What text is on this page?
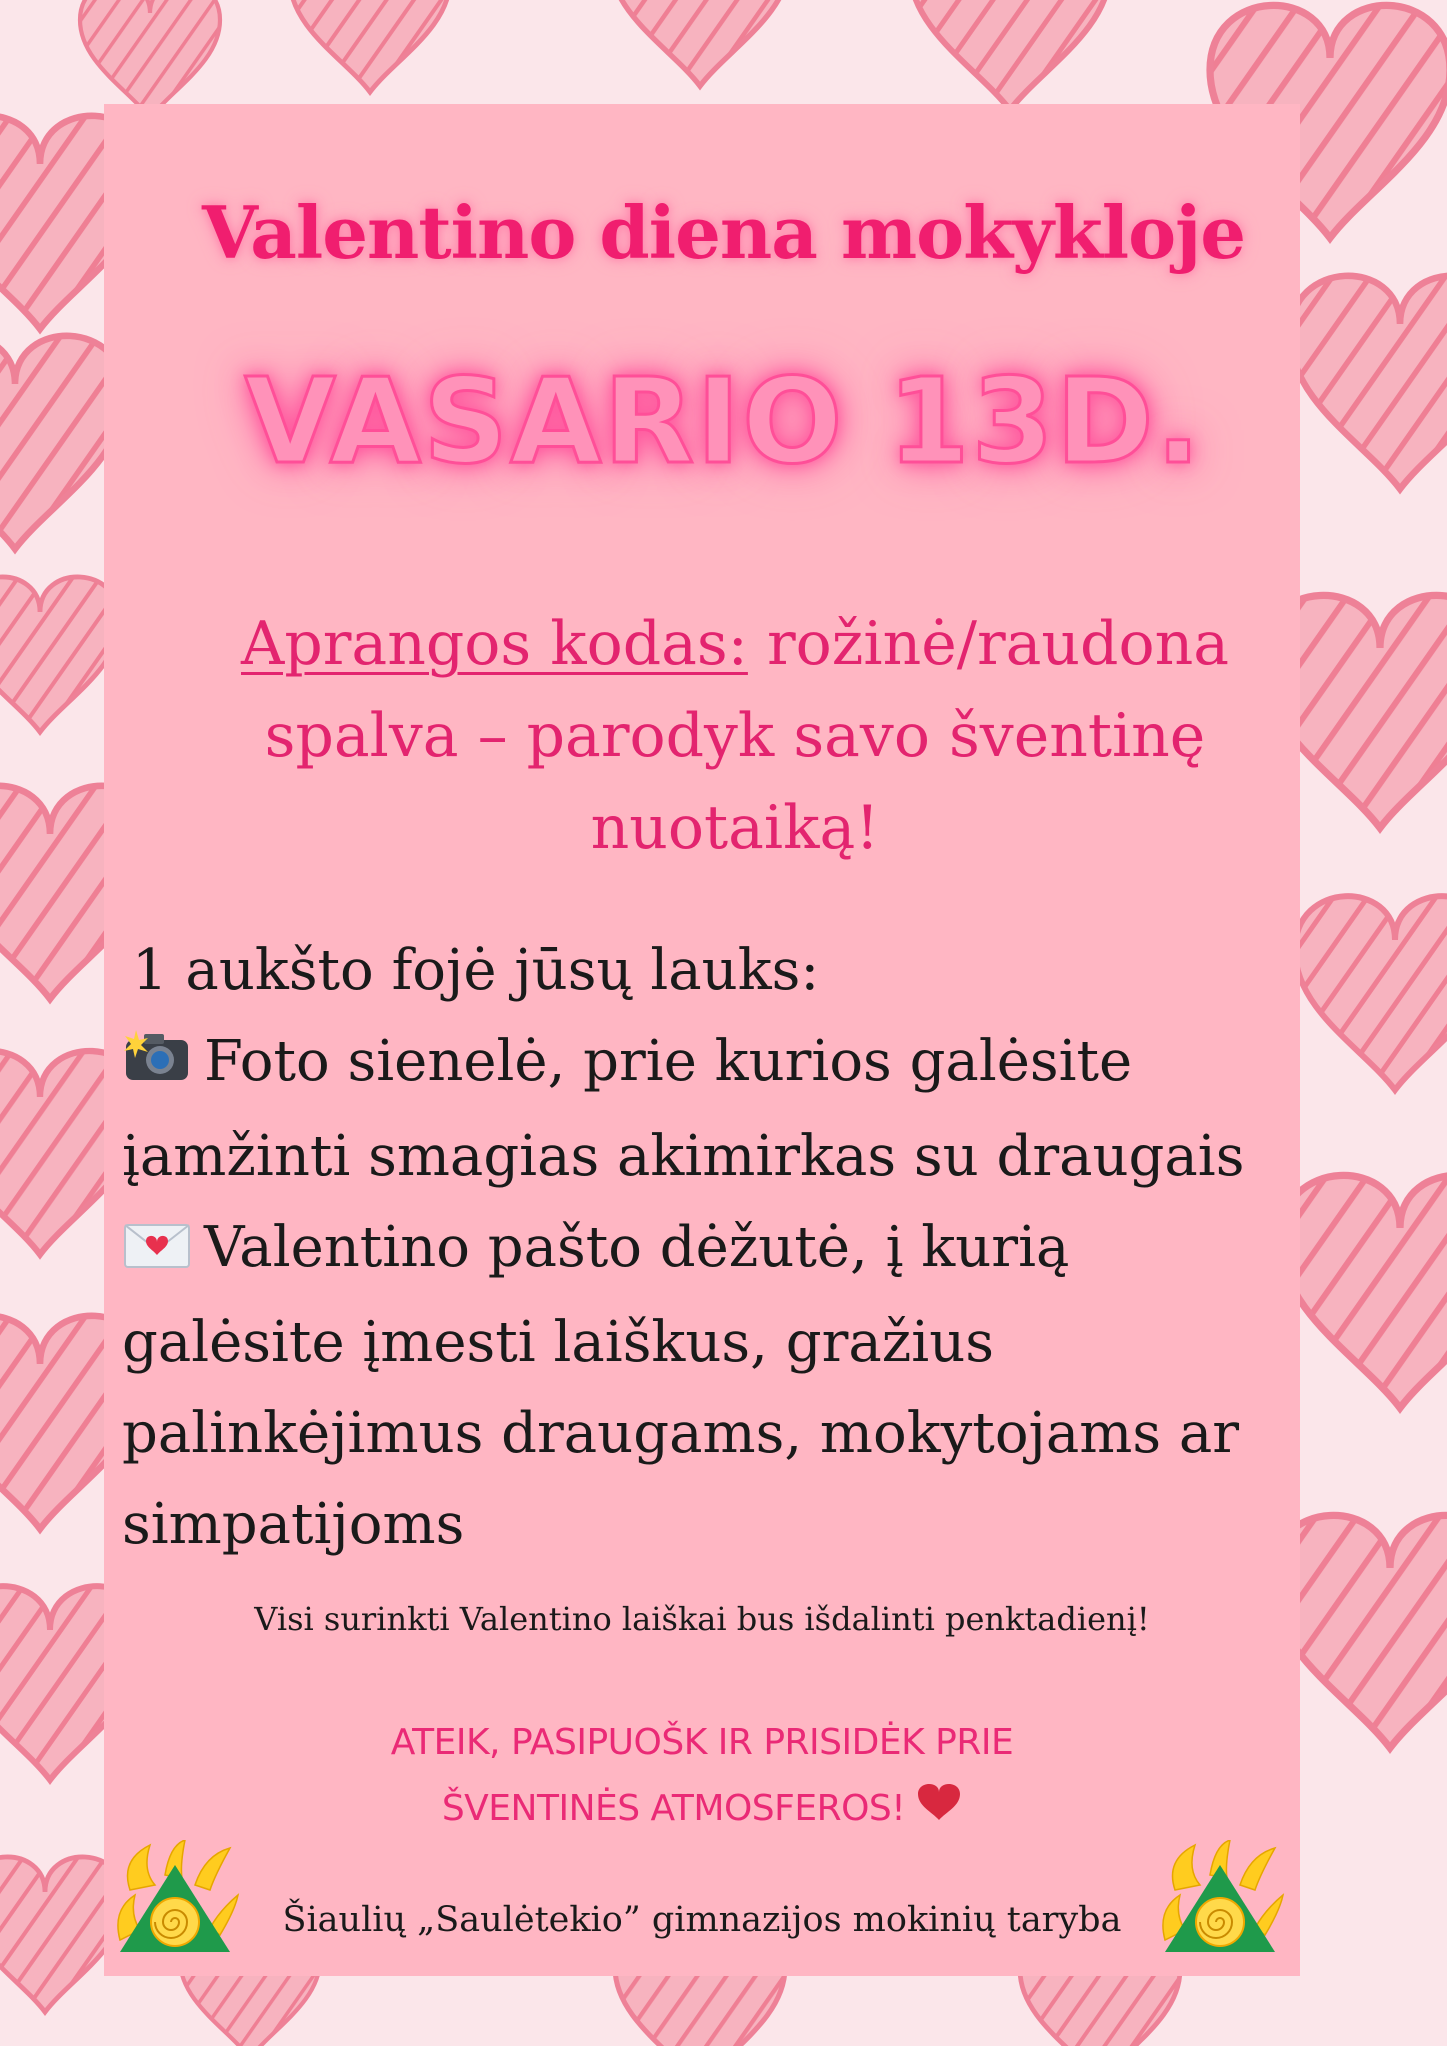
Valentino diena mokykloje
VASARIO 13D.
Aprangos kodas: rožinė/raudona
spalva – parodyk savo šventinę
nuotaiką!
1 aukšto fojė jūsų lauks:
Foto sienelė, prie kurios galėsite
įamžinti smagias akimirkas su draugais
Valentino pašto dėžutė, į kurią
galėsite įmesti laiškus, gražius
palinkėjimus draugams, mokytojams ar
simpatijoms
Visi surinkti Valentino laiškai bus išdalinti penktadienį!
ATEIK, PASIPUOŠK IR PRISIDĖK PRIE
ŠVENTINĖS ATMOSFEROS!
Šiaulių „Saulėtekio” gimnazijos mokinių taryba
